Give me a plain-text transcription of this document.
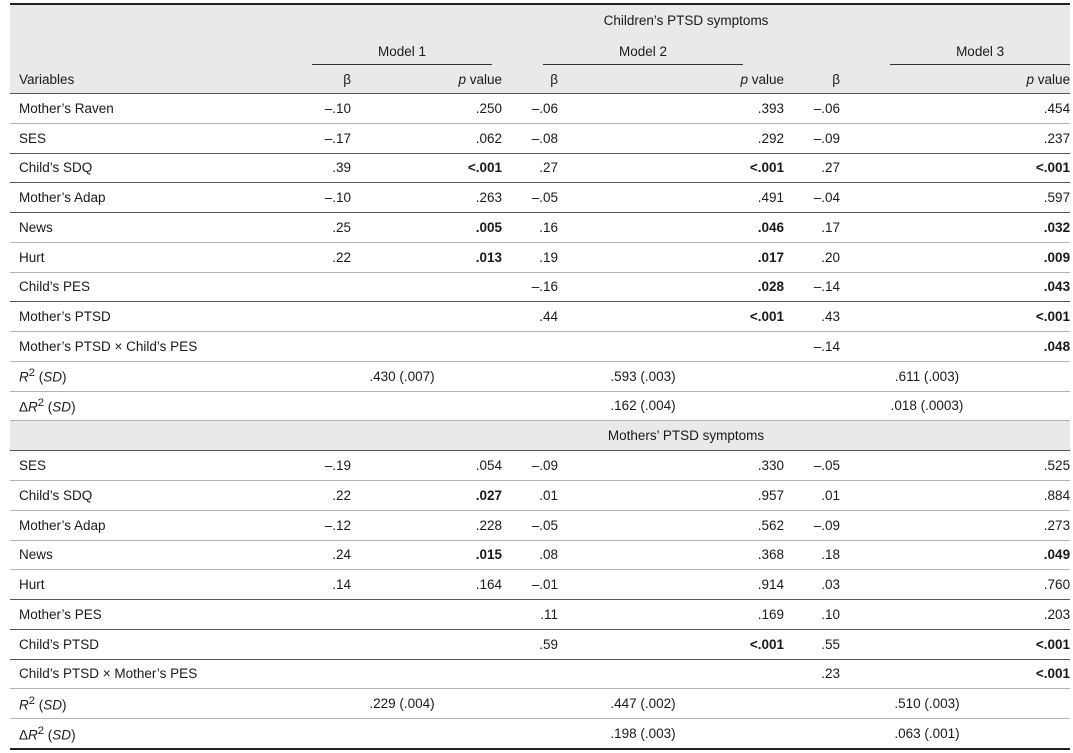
	Children’s PTSD symptoms					
	Model 1		Model 2		Model 3	
Variables	β	p value	β	p value	β	p value
Mother’s Raven	–.10	.250	–.06	.393	–.06	.454
SES	–.17	.062	–.08	.292	–.09	.237
Child’s SDQ	.39	<.001	.27	<.001	.27	<.001
Mother’s Adap	–.10	.263	–.05	.491	–.04	.597
News	.25	.005	.16	.046	.17	.032
Hurt	.22	.013	.19	.017	.20	.009
Child’s PES			–.16	.028	–.14	.043
Mother’s PTSD			.44	<.001	.43	<.001
Mother’s PTSD × Child’s PES					–.14	.048
$R^2$ (SD)	.430 (.007)		.593 (.003)		.611 (.003)	
$\Delta R^2$ (SD)			.162 (.004)		.018 (.0003)	
	Mothers’ PTSD symptoms					
SES	–.19	.054	–.09	.330	–.05	.525
Child’s SDQ	.22	.027	.01	.957	.01	.884
Mother’s Adap	–.12	.228	–.05	.562	–.09	.273
News	.24	.015	.08	.368	.18	.049
Hurt	.14	.164	–.01	.914	.03	.760
Mother’s PES			.11	.169	.10	.203
Child’s PTSD			.59	<.001	.55	<.001
Child’s PTSD × Mother’s PES					.23	<.001
$R^2$ (SD)	.229 (.004)		.447 (.002)		.510 (.003)	
$\Delta R^2$ (SD)			.198 (.003)		.063 (.001)	
